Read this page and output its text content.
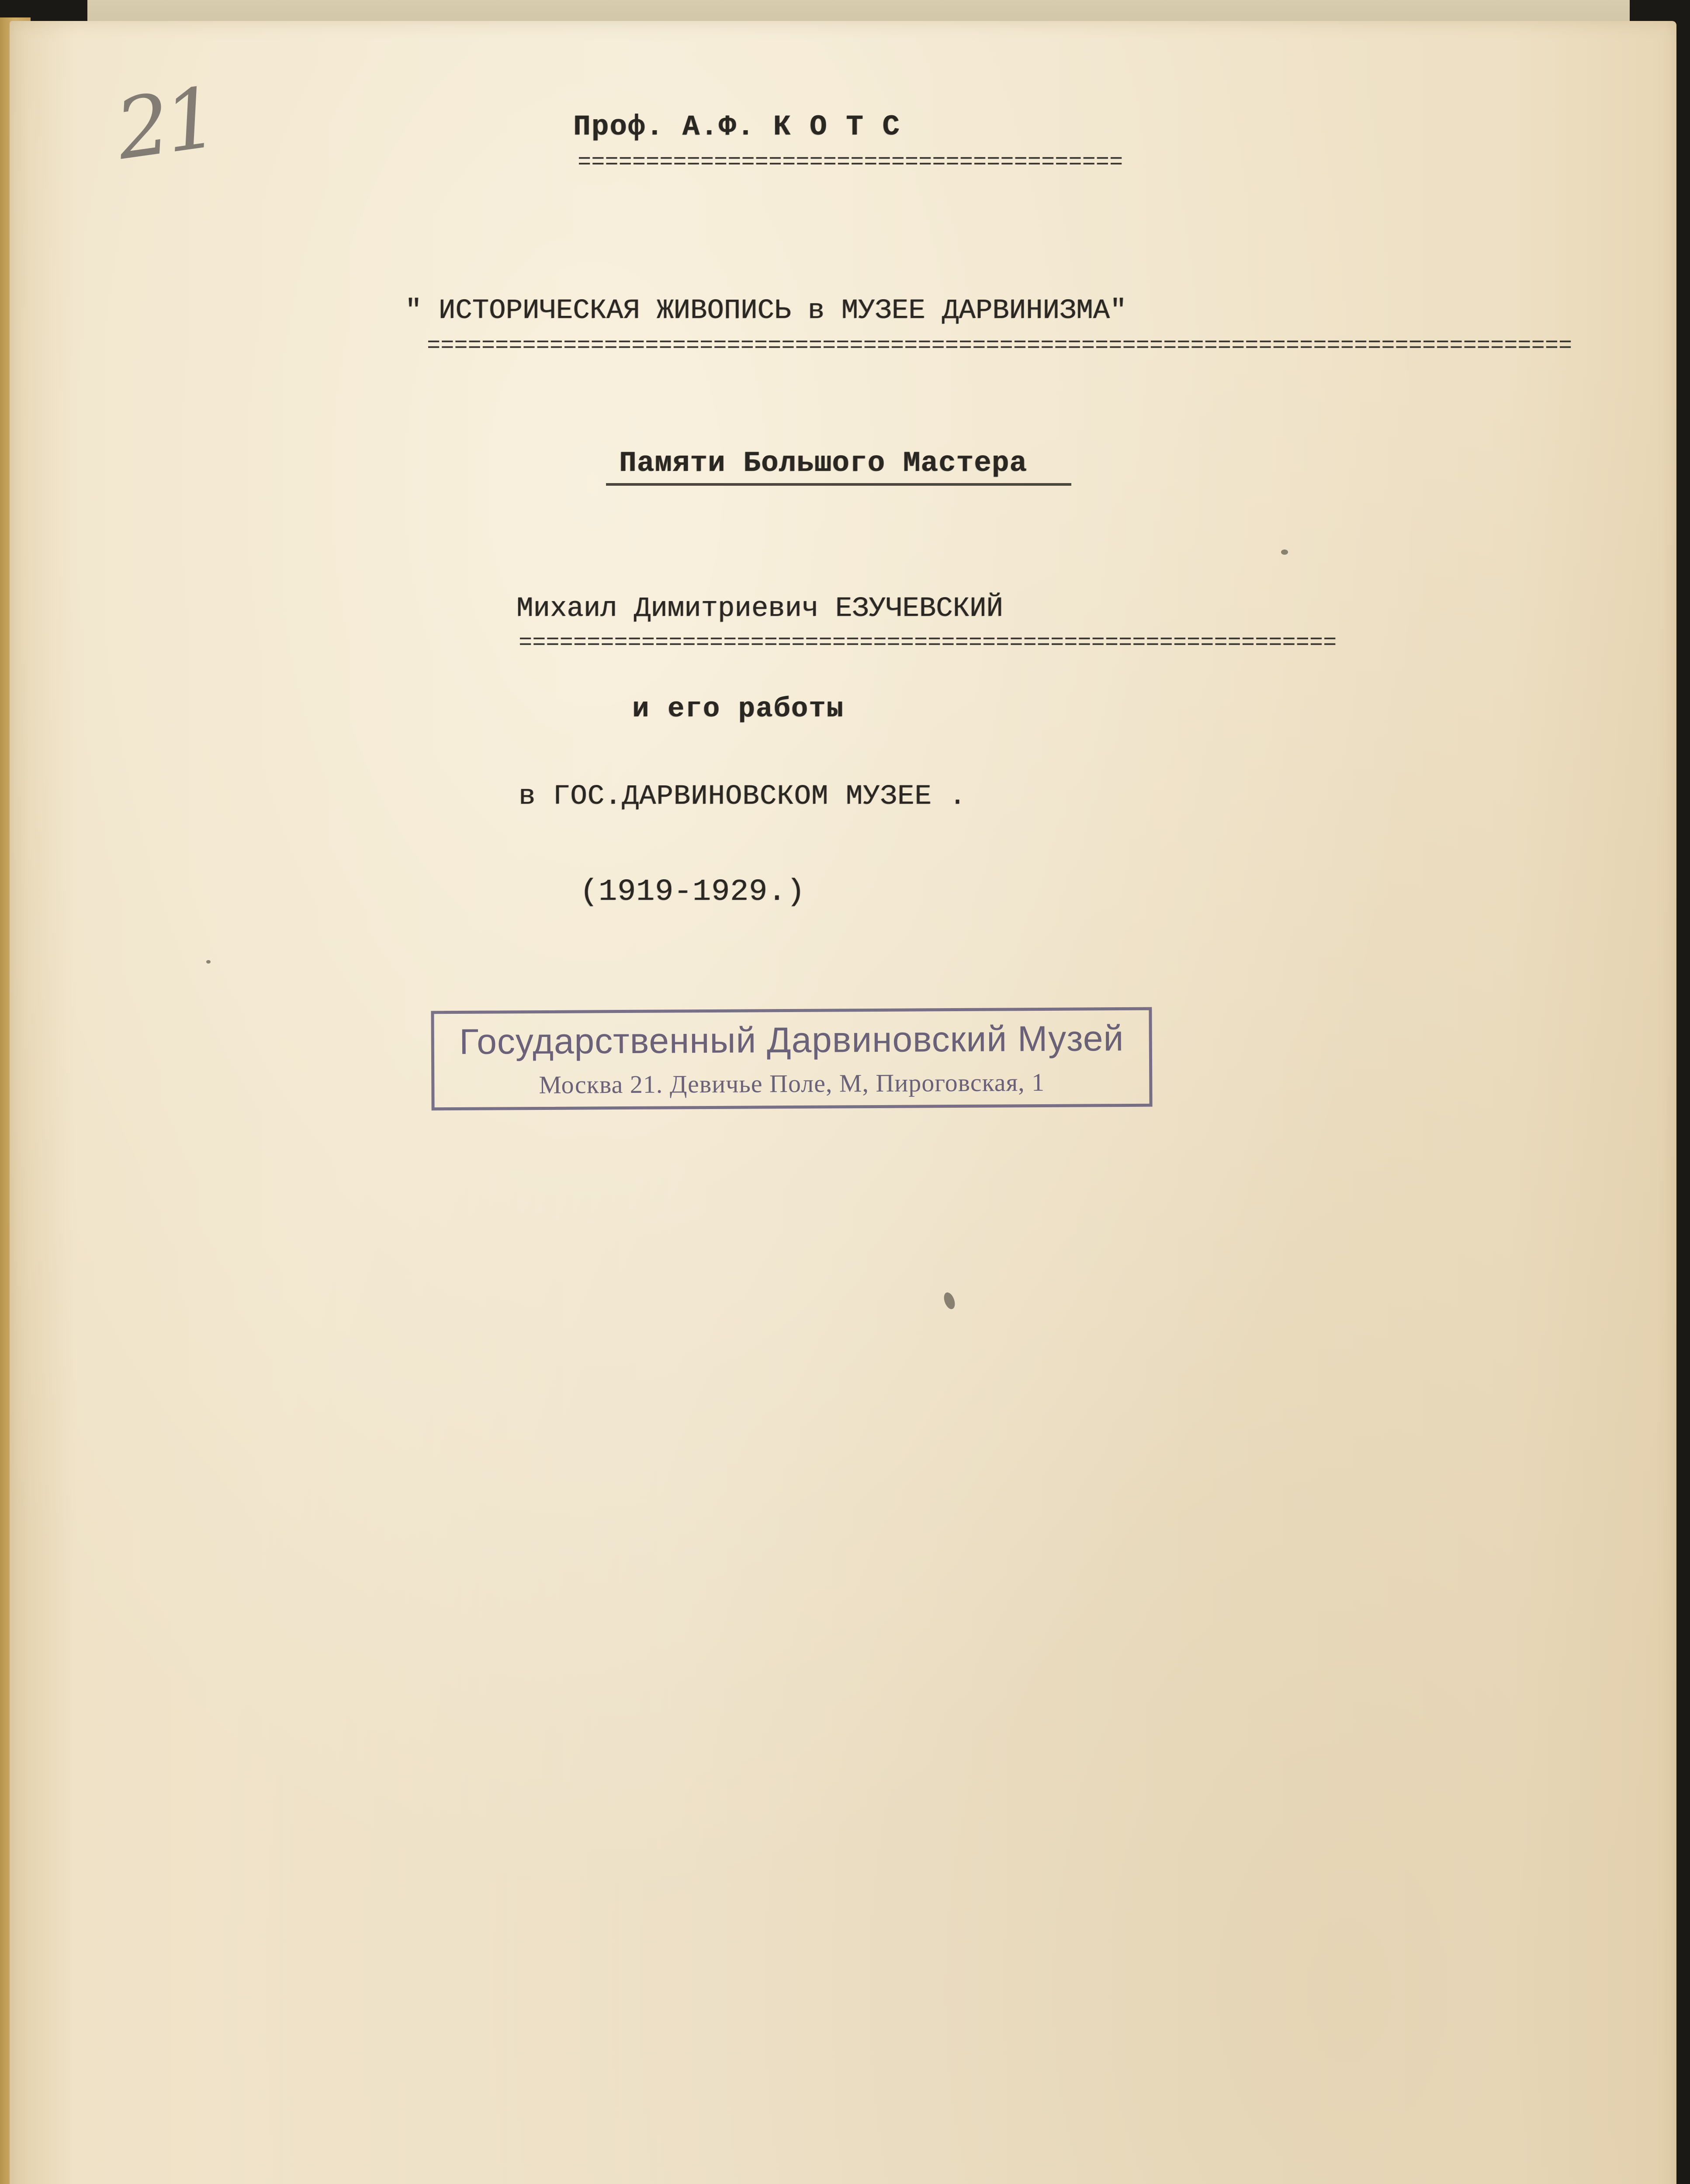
21	Проф. А.Ф. К О Т С
========================================
" ИСТОРИЧЕСКАЯ ЖИВОПИСЬ в МУЗЕЕ ДАРВИНИЗМА"
====================================================================================
Памяти Большого Мастера
Михаил Димитриевич ЕЗУЧЕВСКИЙ
============================================================
и его работы
в ГОС.ДАРВИНОВСКОМ МУЗЕЕ .
(1919-1929.)
Государственный Дарвиновский Музей
Москва 21. Девичье Поле, М, Пироговская, 1
